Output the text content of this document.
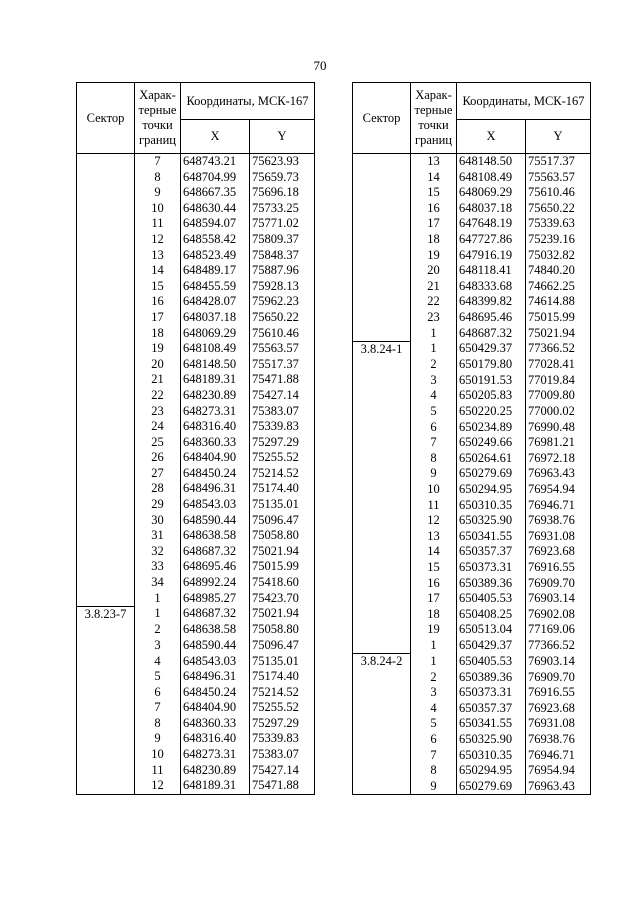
70
Сектор	Харак-терные точки границ	Координаты, МСК-167	
		X	Y
	7	648743.21	75623.93
	8	648704.99	75659.73
	9	648667.35	75696.18
	10	648630.44	75733.25
	11	648594.07	75771.02
	12	648558.42	75809.37
	13	648523.49	75848.37
	14	648489.17	75887.96
	15	648455.59	75928.13
	16	648428.07	75962.23
	17	648037.18	75650.22
	18	648069.29	75610.46
	19	648108.49	75563.57
	20	648148.50	75517.37
	21	648189.31	75471.88
	22	648230.89	75427.14
	23	648273.31	75383.07
	24	648316.40	75339.83
	25	648360.33	75297.29
	26	648404.90	75255.52
	27	648450.24	75214.52
	28	648496.31	75174.40
	29	648543.03	75135.01
	30	648590.44	75096.47
	31	648638.58	75058.80
	32	648687.32	75021.94
	33	648695.46	75015.99
	34	648992.24	75418.60
	1	648985.27	75423.70
3.8.23-7	1	648687.32	75021.94
	2	648638.58	75058.80
	3	648590.44	75096.47
	4	648543.03	75135.01
	5	648496.31	75174.40
	6	648450.24	75214.52
	7	648404.90	75255.52
	8	648360.33	75297.29
	9	648316.40	75339.83
	10	648273.31	75383.07
	11	648230.89	75427.14
	12	648189.31	75471.88
Сектор	Харак-терные точки границ	Координаты, МСК-167	
		X	Y
	13	648148.50	75517.37
	14	648108.49	75563.57
	15	648069.29	75610.46
	16	648037.18	75650.22
	17	647648.19	75339.63
	18	647727.86	75239.16
	19	647916.19	75032.82
	20	648118.41	74840.20
	21	648333.68	74662.25
	22	648399.82	74614.88
	23	648695.46	75015.99
	1	648687.32	75021.94
3.8.24-1	1	650429.37	77366.52
	2	650179.80	77028.41
	3	650191.53	77019.84
	4	650205.83	77009.80
	5	650220.25	77000.02
	6	650234.89	76990.48
	7	650249.66	76981.21
	8	650264.61	76972.18
	9	650279.69	76963.43
	10	650294.95	76954.94
	11	650310.35	76946.71
	12	650325.90	76938.76
	13	650341.55	76931.08
	14	650357.37	76923.68
	15	650373.31	76916.55
	16	650389.36	76909.70
	17	650405.53	76903.14
	18	650408.25	76902.08
	19	650513.04	77169.06
	1	650429.37	77366.52
3.8.24-2	1	650405.53	76903.14
	2	650389.36	76909.70
	3	650373.31	76916.55
	4	650357.37	76923.68
	5	650341.55	76931.08
	6	650325.90	76938.76
	7	650310.35	76946.71
	8	650294.95	76954.94
	9	650279.69	76963.43
